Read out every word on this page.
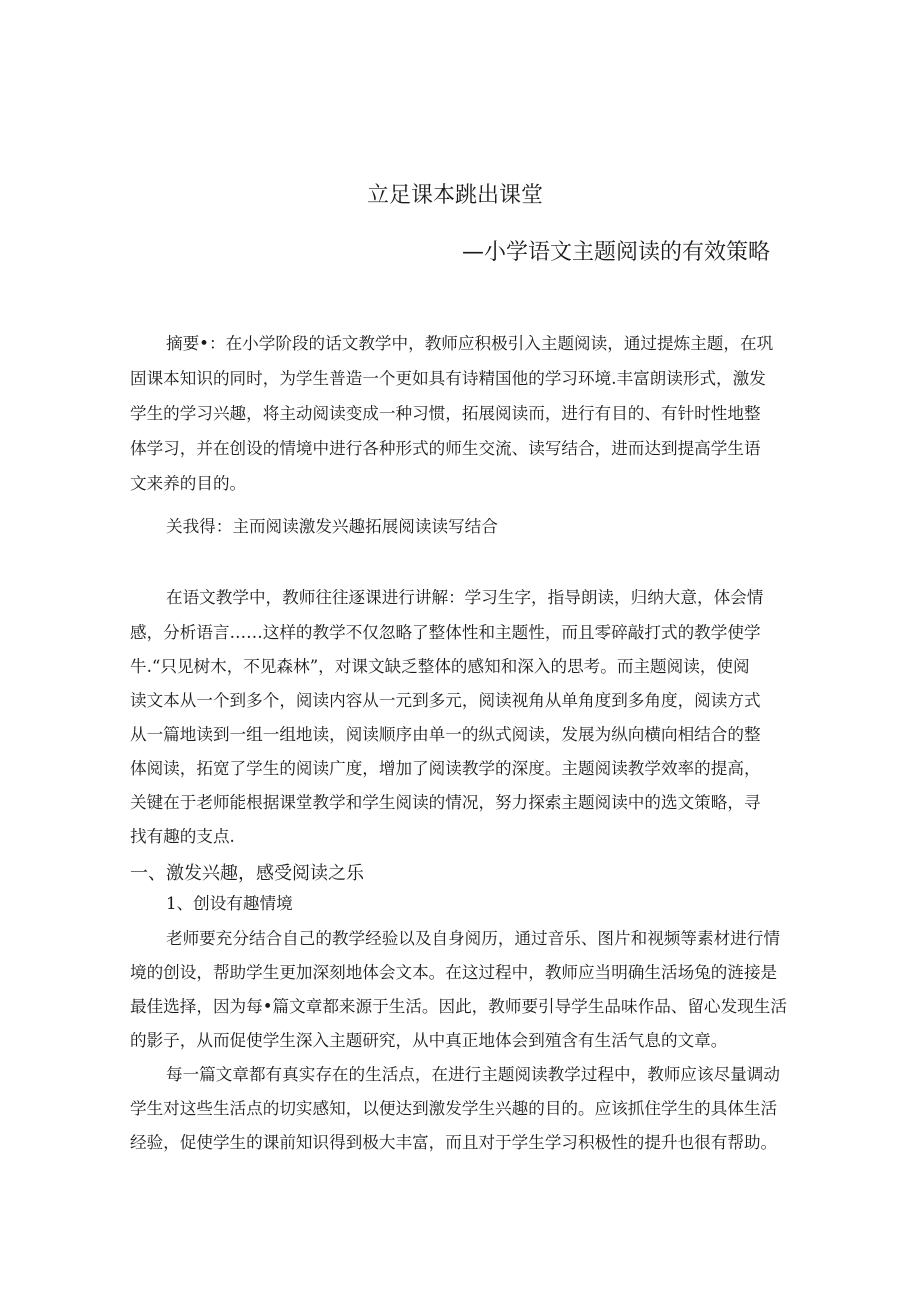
立足课本跳出课堂
—小学语文主题阅读的有效策略
摘要•：在小学阶段的话文教学中，教师应积极引入主题阅读，通过提炼主题，在巩
固课本知识的同时，为学生普造一个更如具有诗精国他的学习环境.丰富朗读形式，激发
学生的学习兴趣，将主动阅读变成一种习惯，拓展阅读而，进行有目的、有针时性地整
体学习，并在创设的情境中进行各种形式的师生交流、读写结合，进而达到提高学生语
文来养的目的。
关我得：主而阅读激发兴趣拓展阅读读写结合
在语文教学中，教师往往逐课进行讲解：学习生字，指导朗读，归纳大意，体会情
感，分析语言……这样的教学不仅忽略了整体性和主题性，而且零碎敲打式的教学使学
牛.“只见树木，不见森林”，对课文缺乏整体的感知和深入的思考。而主题阅读，使阅
读文本从一个到多个，阅读内容从一元到多元，阅读视角从单角度到多角度，阅读方式
从一篇地读到一组一组地读，阅读顺序由单一的纵式阅读，发展为纵向横向相结合的整
体阅读，拓宽了学生的阅读广度，增加了阅读教学的深度。主题阅读教学效率的提高，
关键在于老师能根据课堂教学和学生阅读的情况，努力探索主题阅读中的选文策略，寻
找有趣的支点.
一、激发兴趣，感受阅读之乐
1、创设有趣情境
老师要充分结合自己的教学经验以及自身阅历，通过音乐、图片和视频等素材进行情
境的创设，帮助学生更加深刻地体会文本。在这过程中，教师应当明确生活场兔的涟接是
最佳选择，因为每•篇文章都来源于生活。因此，教师要引导学生品味作品、留心发现生活
的影子，从而促使学生深入主题研究，从中真正地体会到殖含有生活气息的文章。
每一篇文章都有真实存在的生活点，在进行主题阅读教学过程中，教师应该尽量调动
学生对这些生活点的切实感知，以便达到激发学生兴趣的目的。应该抓住学生的具体生活
经验，促使学生的课前知识得到极大丰富，而且对于学生学习积极性的提升也很有帮助。
